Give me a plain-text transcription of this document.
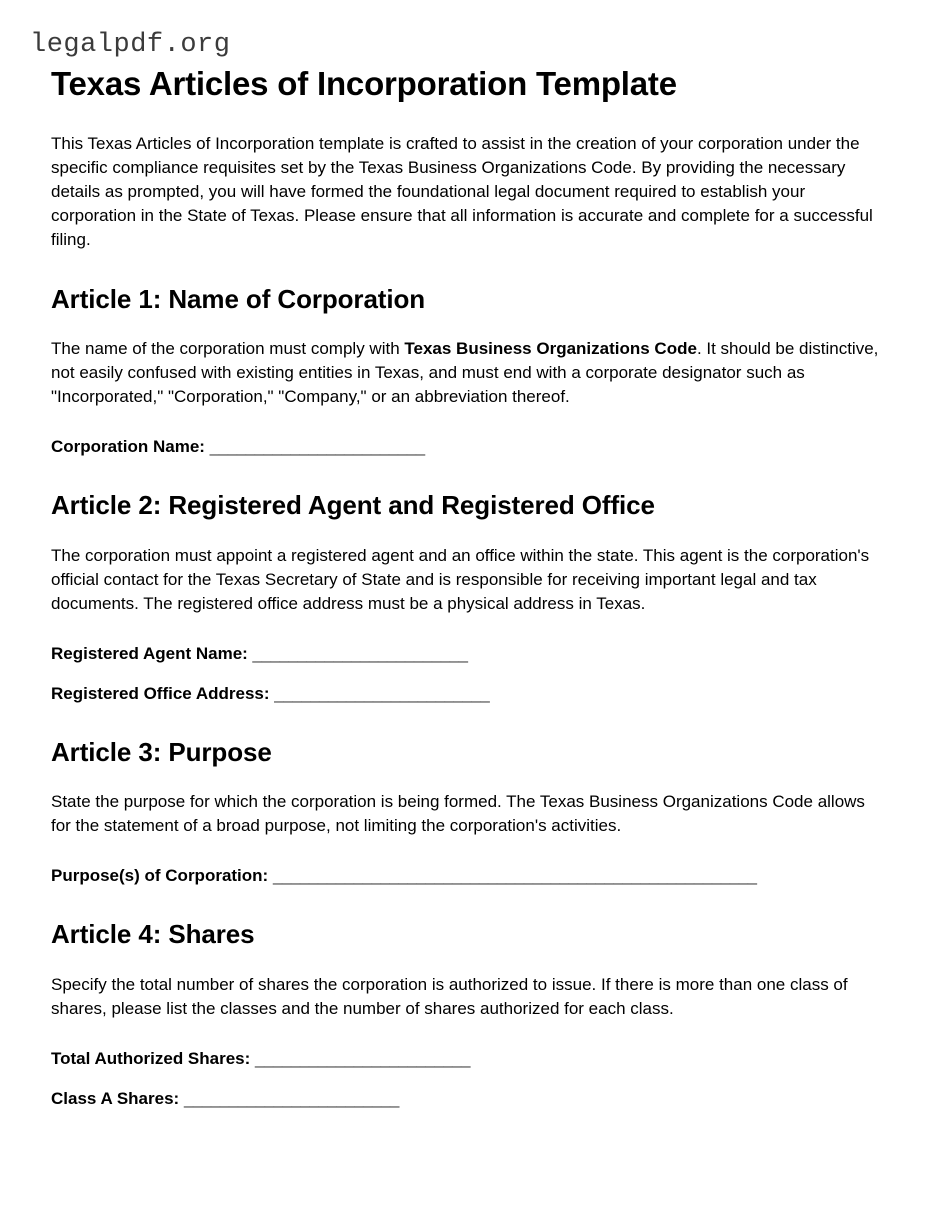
legalpdf.org
Texas Articles of Incorporation Template

This Texas Articles of Incorporation template is crafted to assist in the creation of your corporation under the specific compliance requisites set by the Texas Business Organizations Code. By providing the necessary details as prompted, you will have formed the foundational legal document required to establish your corporation in the State of Texas. Please ensure that all information is accurate and complete for a successful filing.

Article 1: Name of Corporation

The name of the corporation must comply with Texas Business Organizations Code. It should be distinctive, not easily confused with existing entities in Texas, and must end with a corporate designator such as "Incorporated," "Corporation," "Company," or an abbreviation thereof.

Corporation Name: ________________________
Article 2: Registered Agent and Registered Office

The corporation must appoint a registered agent and an office within the state. This agent is the corporation's official contact for the Texas Secretary of State and is responsible for receiving important legal and tax documents. The registered office address must be a physical address in Texas.

Registered Agent Name: ________________________
Registered Office Address: ________________________
Article 3: Purpose

State the purpose for which the corporation is being formed. The Texas Business Organizations Code allows for the statement of a broad purpose, not limiting the corporation's activities.

Purpose(s) of Corporation: ______________________________________________________
Article 4: Shares

Specify the total number of shares the corporation is authorized to issue. If there is more than one class of shares, please list the classes and the number of shares authorized for each class.

Total Authorized Shares: ________________________
Class A Shares: ________________________
